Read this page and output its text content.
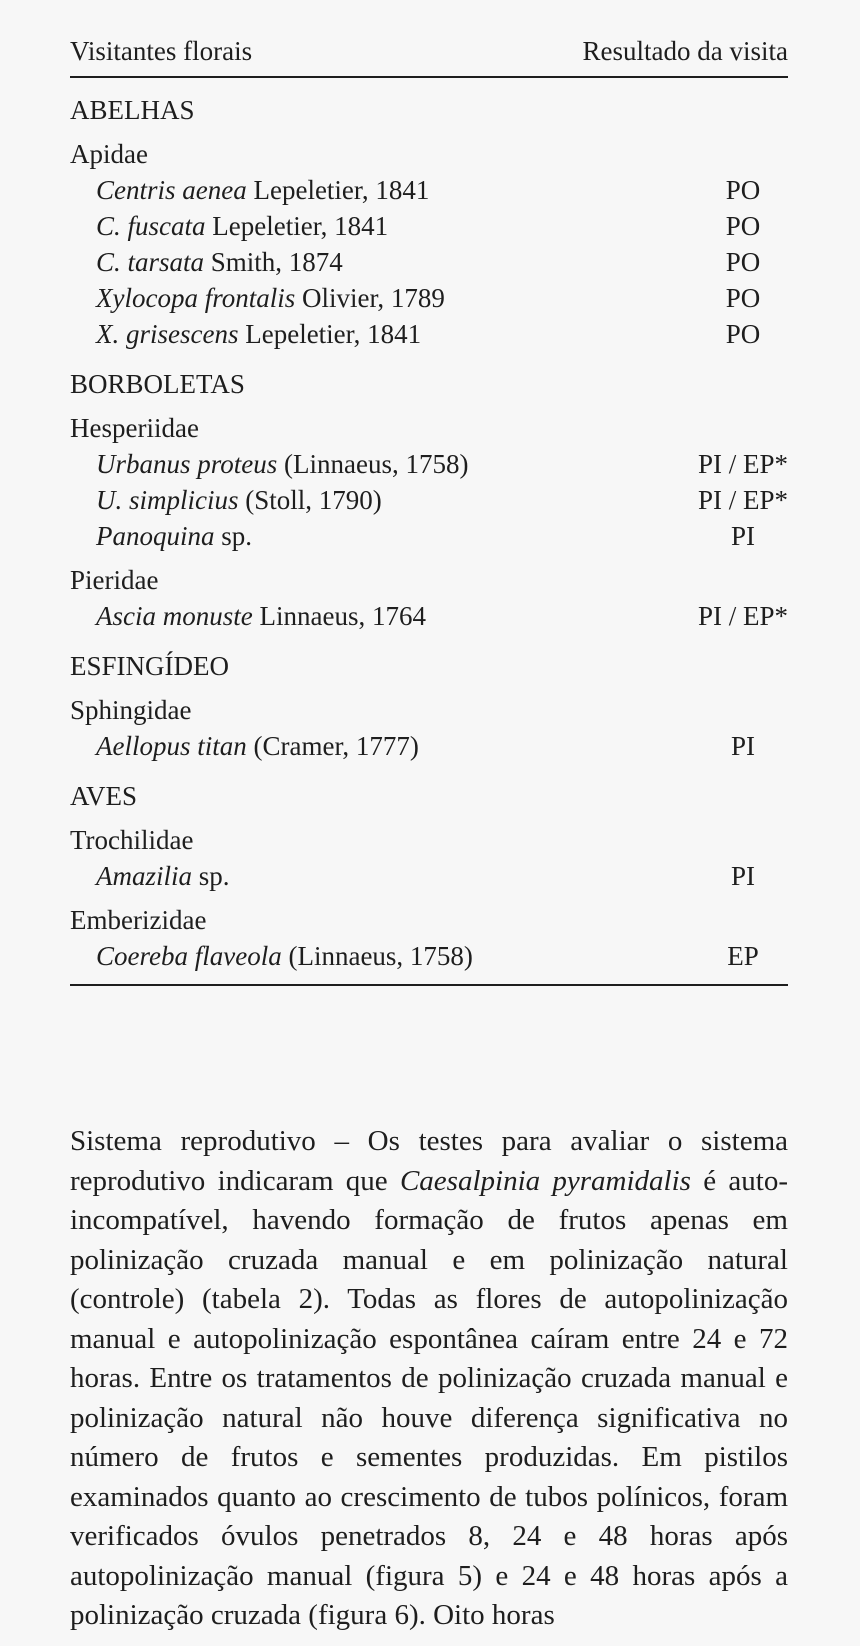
Visitantes florais	Resultado da visita
ABELHAS
Apidae
Centris aenea Lepeletier, 1841	PO
C. fuscata Lepeletier, 1841	PO
C. tarsata Smith, 1874	PO
Xylocopa frontalis Olivier, 1789	PO
X. grisescens Lepeletier, 1841	PO
BORBOLETAS
Hesperiidae
Urbanus proteus (Linnaeus, 1758)	PI / EP*
U. simplicius (Stoll, 1790)	PI / EP*
Panoquina sp.	PI
Pieridae
Ascia monuste Linnaeus, 1764	PI / EP*
ESFINGÍDEO
Sphingidae
Aellopus titan (Cramer, 1777)	PI
AVES
Trochilidae
Amazilia sp.	PI
Emberizidae
Coereba flaveola (Linnaeus, 1758)	EP

Sistema reprodutivo – Os testes para avaliar o sistema reprodutivo indicaram que Caesalpinia pyramidalis é auto-incompatível, havendo formação de frutos apenas em polinização cruzada manual e em polinização natural (controle) (tabela 2). Todas as flores de autopolinização manual e autopolinização espontânea caíram entre 24 e 72 horas. Entre os tratamentos de polinização cruzada manual e polinização natural não houve diferença significativa no número de frutos e sementes produzidas. Em pistilos examinados quanto ao crescimento de tubos polínicos, foram verificados óvulos penetrados 8, 24 e 48 horas após autopolinização manual (figura 5) e 24 e 48 horas após a polinização cruzada (figura 6). Oito horas
